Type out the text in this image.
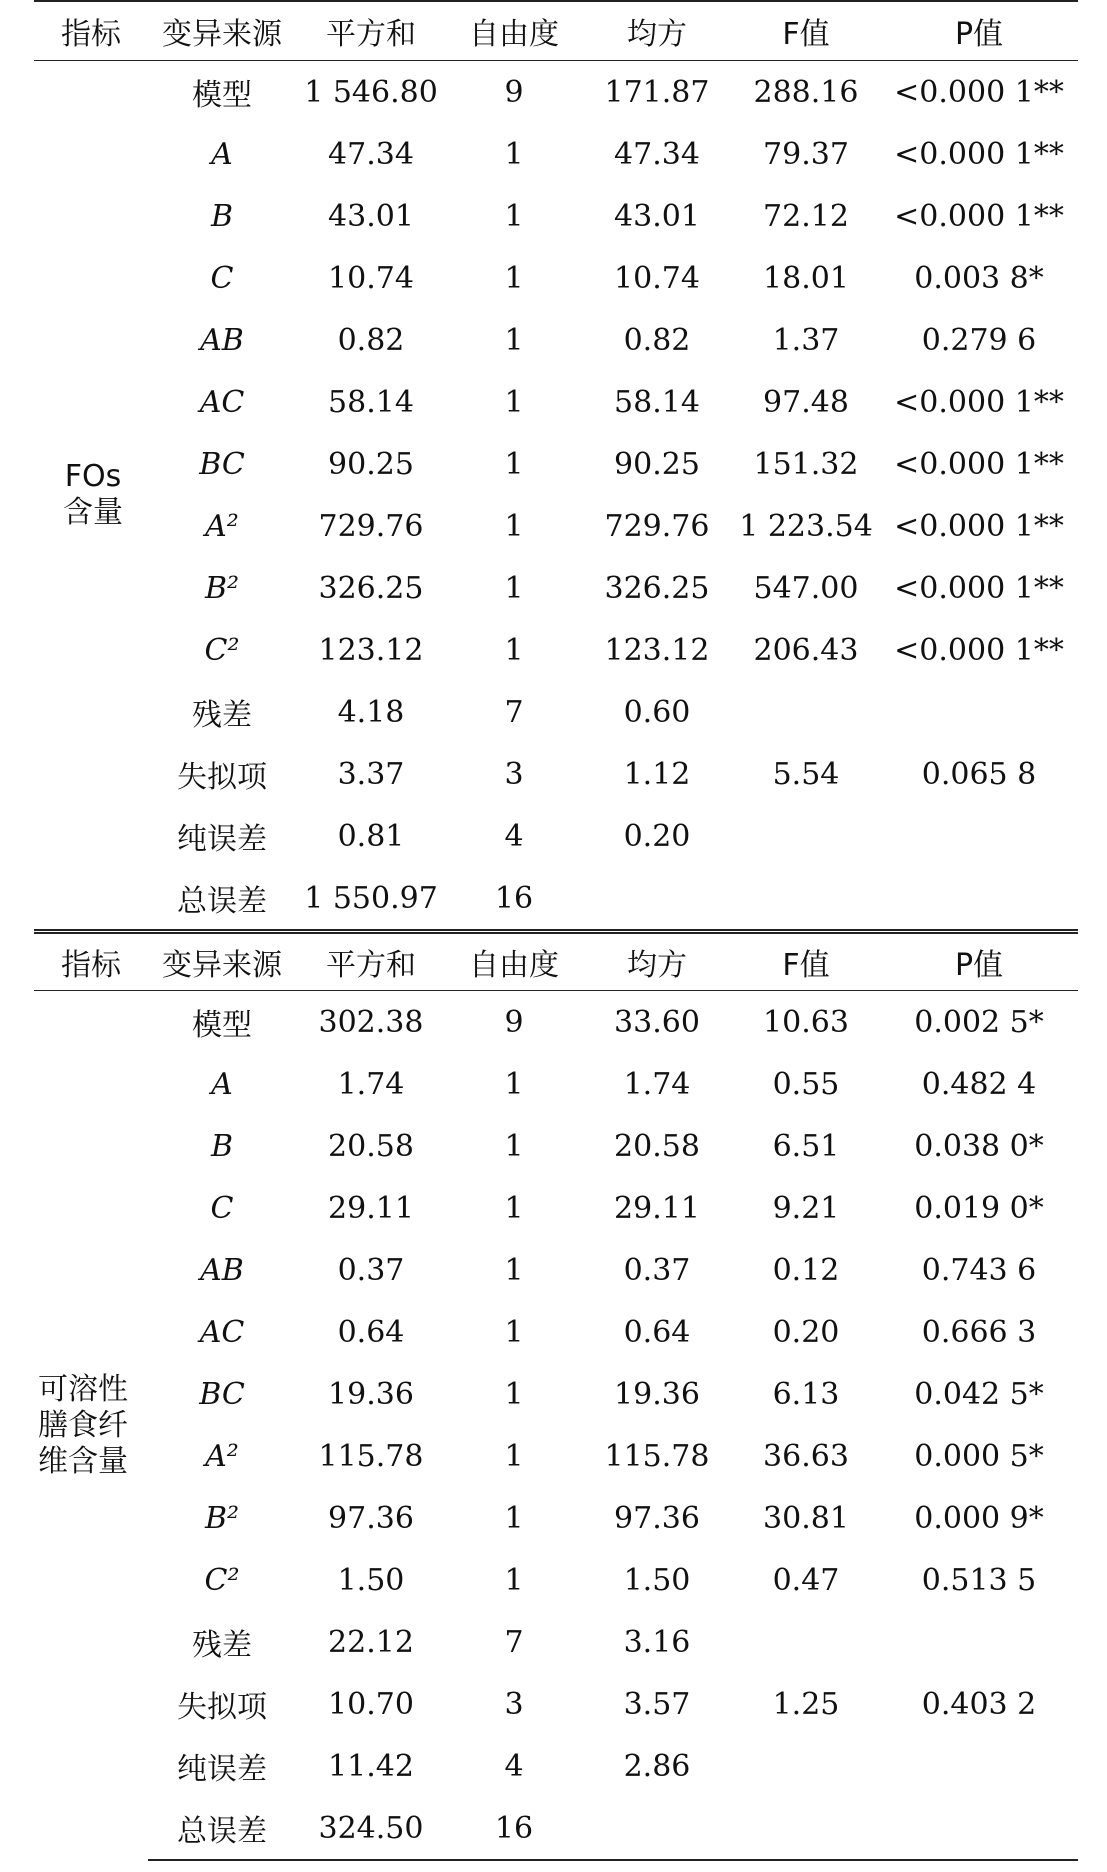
指标	变异来源	平方和	自由度	均方	F值	P值
FOs
含量	模型	1 546.80	9	171.87	288.16	<0.000 1**
	A	47.34	1	47.34	79.37	<0.000 1**
	B	43.01	1	43.01	72.12	<0.000 1**
	C	10.74	1	10.74	18.01	0.003 8*
	AB	0.82	1	0.82	1.37	0.279 6
	AC	58.14	1	58.14	97.48	<0.000 1**
	BC	90.25	1	90.25	151.32	<0.000 1**
	A²	729.76	1	729.76	1 223.54	<0.000 1**
	B²	326.25	1	326.25	547.00	<0.000 1**
	C²	123.12	1	123.12	206.43	<0.000 1**
	残差	4.18	7	0.60		
	失拟项	3.37	3	1.12	5.54	0.065 8
	纯误差	0.81	4	0.20		
	总误差	1 550.97	16			
指标	变异来源	平方和	自由度	均方	F值	P值
可溶性
膳食纤
维含量	模型	302.38	9	33.60	10.63	0.002 5*
	A	1.74	1	1.74	0.55	0.482 4
	B	20.58	1	20.58	6.51	0.038 0*
	C	29.11	1	29.11	9.21	0.019 0*
	AB	0.37	1	0.37	0.12	0.743 6
	AC	0.64	1	0.64	0.20	0.666 3
	BC	19.36	1	19.36	6.13	0.042 5*
	A²	115.78	1	115.78	36.63	0.000 5*
	B²	97.36	1	97.36	30.81	0.000 9*
	C²	1.50	1	1.50	0.47	0.513 5
	残差	22.12	7	3.16		
	失拟项	10.70	3	3.57	1.25	0.403 2
	纯误差	11.42	4	2.86		
	总误差	324.50	16			
